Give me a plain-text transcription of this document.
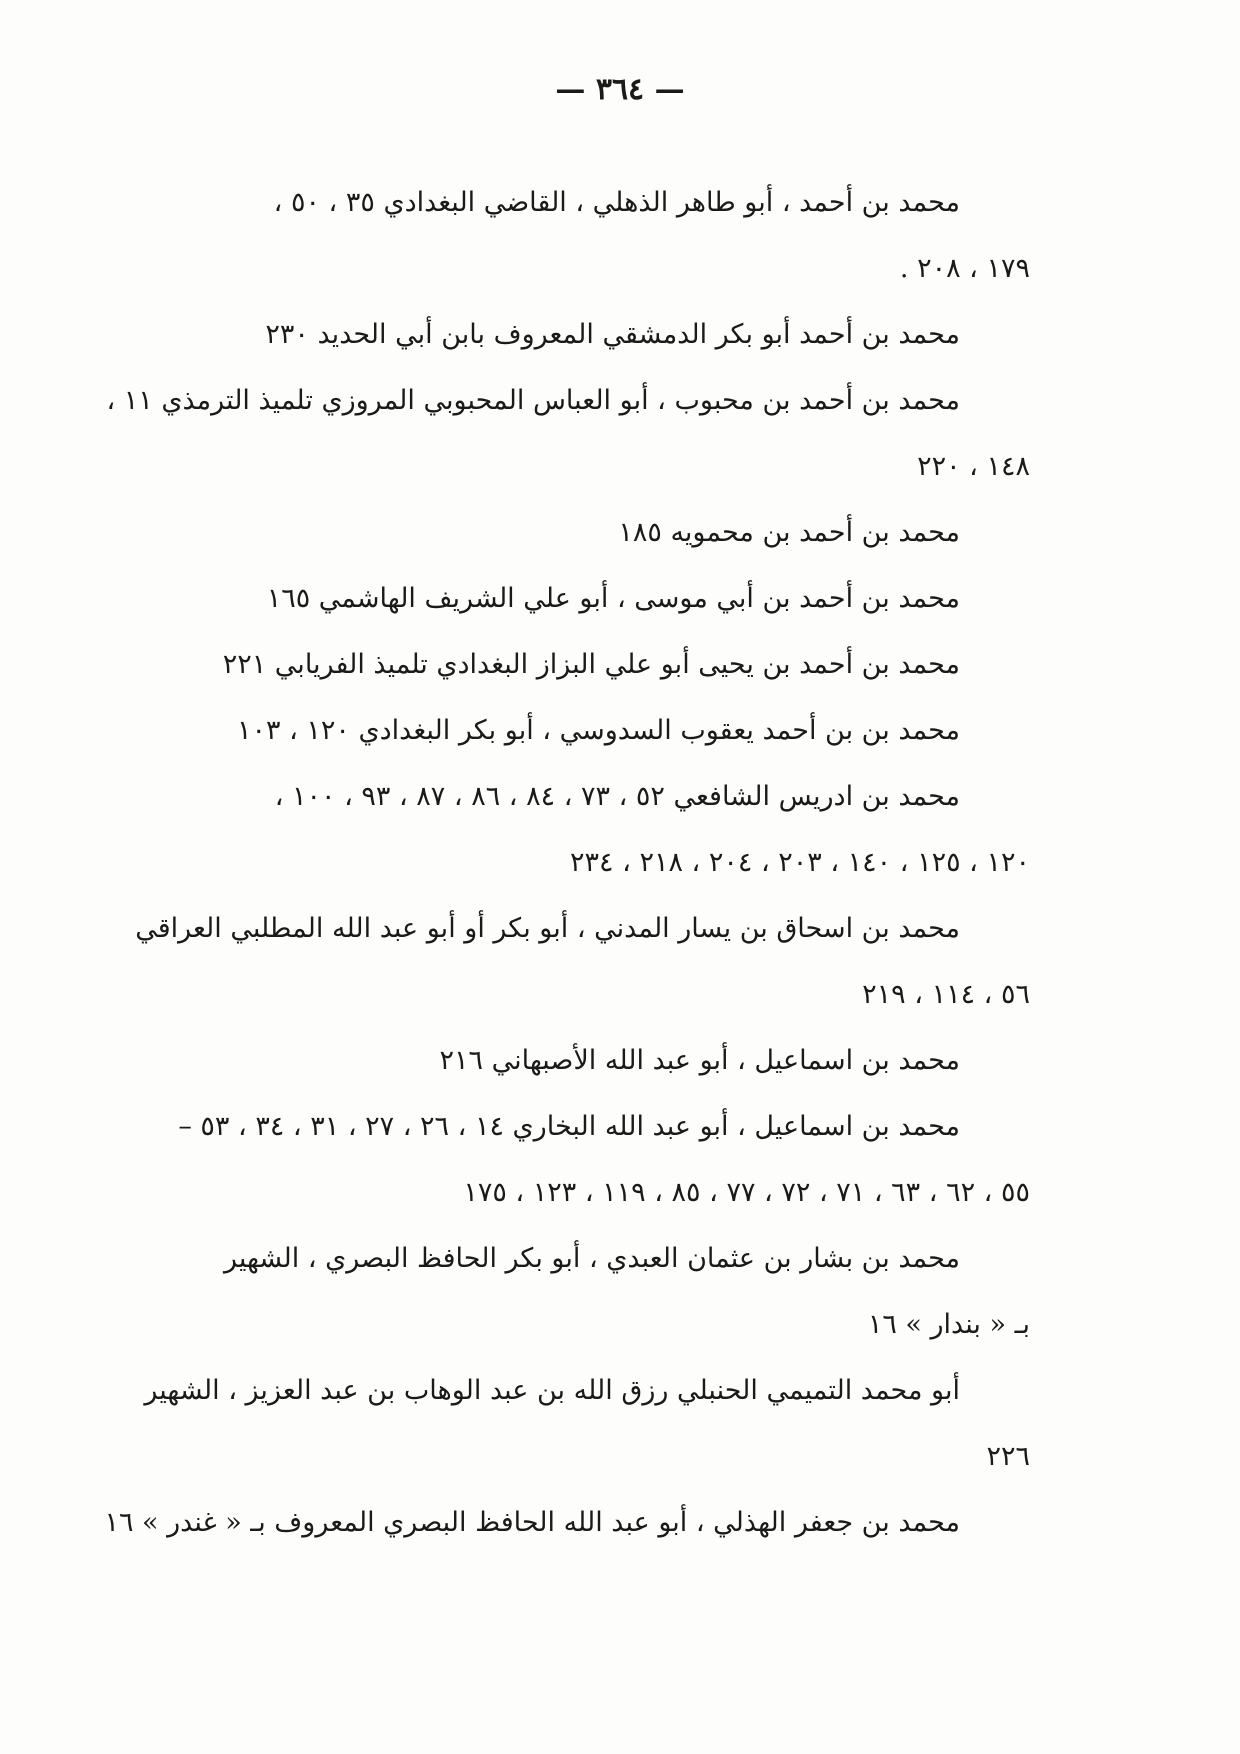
— ٣٦٤ —
محمد بن أحمد ، أبو طاهر الذهلي ، القاضي البغدادي ٣٥ ، ٥٠ ،
١٧٩ ، ٢٠٨ .
محمد بن أحمد أبو بكر الدمشقي المعروف بابن أبي الحديد ٢٣٠
محمد بن أحمد بن محبوب ، أبو العباس المحبوبي المروزي تلميذ الترمذي ١١ ،
١٤٨ ، ٢٢٠
محمد بن أحمد بن محمويه ١٨٥
محمد بن أحمد بن أبي موسى ، أبو علي الشريف الهاشمي ١٦٥
محمد بن أحمد بن يحيى أبو علي البزاز البغدادي تلميذ الفريابي ٢٢١
محمد بن بن أحمد يعقوب السدوسي ، أبو بكر البغدادي ١٢٠ ، ١٠٣
محمد بن ادريس الشافعي ٥٢ ، ٧٣ ، ٨٤ ، ٨٦ ، ٨٧ ، ٩٣ ، ١٠٠ ،
١٢٠ ، ١٢٥ ، ١٤٠ ، ٢٠٣ ، ٢٠٤ ، ٢١٨ ، ٢٣٤
محمد بن اسحاق بن يسار المدني ، أبو بكر أو أبو عبد الله المطلبي العراقي
٥٦ ، ١١٤ ، ٢١٩
محمد بن اسماعيل ، أبو عبد الله الأصبهاني ٢١٦
محمد بن اسماعيل ، أبو عبد الله البخاري ١٤ ، ٢٦ ، ٢٧ ، ٣١ ، ٣٤ ، ٥٣ –
٥٥ ، ٦٢ ، ٦٣ ، ٧١ ، ٧٢ ، ٧٧ ، ٨٥ ، ١١٩ ، ١٢٣ ، ١٧٥
محمد بن بشار بن عثمان العبدي ، أبو بكر الحافظ البصري ، الشهير
بـ « بندار » ١٦
أبو محمد التميمي الحنبلي رزق الله بن عبد الوهاب بن عبد العزيز ، الشهير
٢٢٦
محمد بن جعفر الهذلي ، أبو عبد الله الحافظ البصري المعروف بـ « غندر » ١٦
